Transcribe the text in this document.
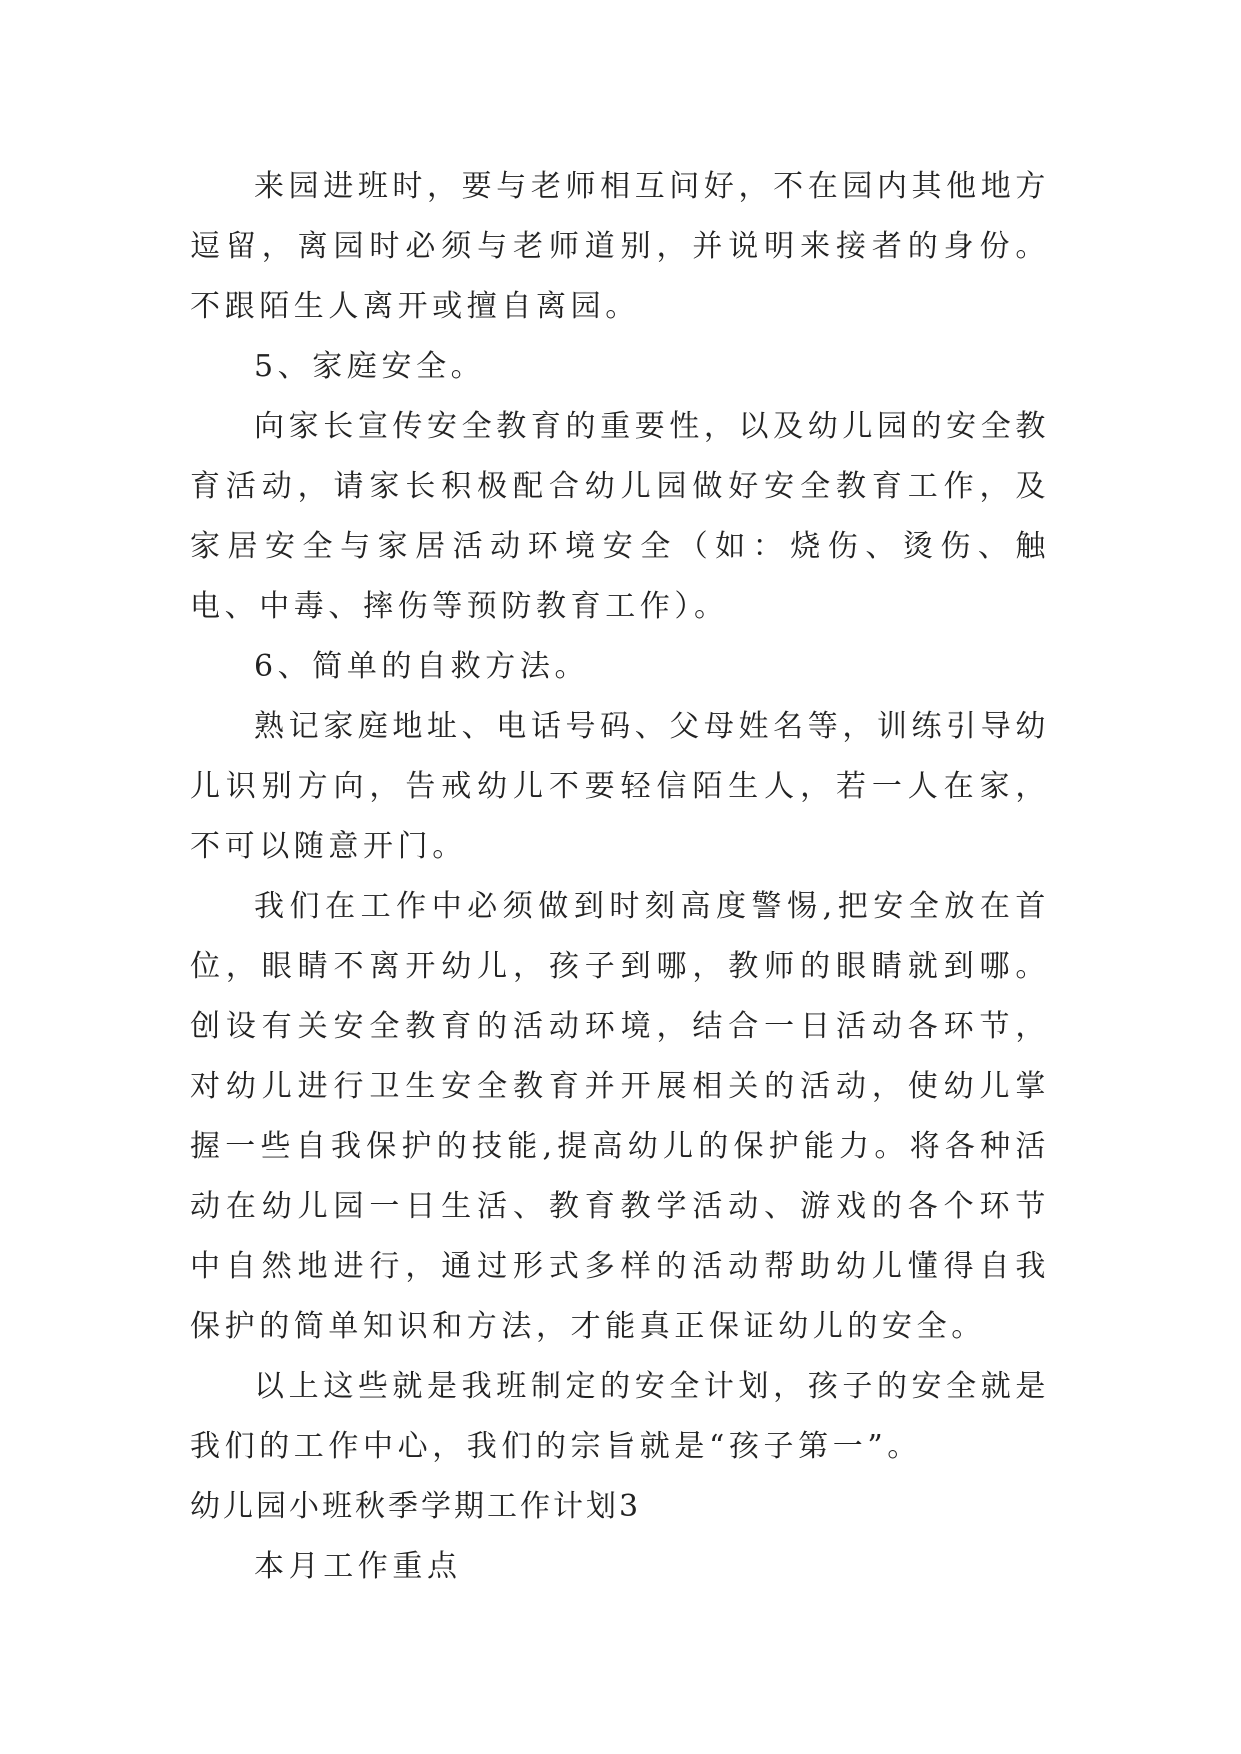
来园进班时，要与老师相互问好，不在园内其他地方逗留，离园时必须与老师道别，并说明来接者的身份。不跟陌生人离开或擅自离园。

5、家庭安全。

向家长宣传安全教育的重要性，以及幼儿园的安全教育活动，请家长积极配合幼儿园做好安全教育工作，及家居安全与家居活动环境安全（如：烧伤、烫伤、触电、中毒、摔伤等预防教育工作）。

6、简单的自救方法。

熟记家庭地址、电话号码、父母姓名等，训练引导幼儿识别方向，告戒幼儿不要轻信陌生人，若一人在家，不可以随意开门。

我们在工作中必须做到时刻高度警惕,把安全放在首位，眼睛不离开幼儿，孩子到哪，教师的眼睛就到哪。创设有关安全教育的活动环境，结合一日活动各环节，对幼儿进行卫生安全教育并开展相关的活动，使幼儿掌握一些自我保护的技能,提高幼儿的保护能力。将各种活动在幼儿园一日生活、教育教学活动、游戏的各个环节中自然地进行，通过形式多样的活动帮助幼儿懂得自我保护的简单知识和方法，才能真正保证幼儿的安全。

以上这些就是我班制定的安全计划，孩子的安全就是我们的工作中心，我们的宗旨就是“孩子第一”。

幼儿园小班秋季学期工作计划3

本月工作重点
